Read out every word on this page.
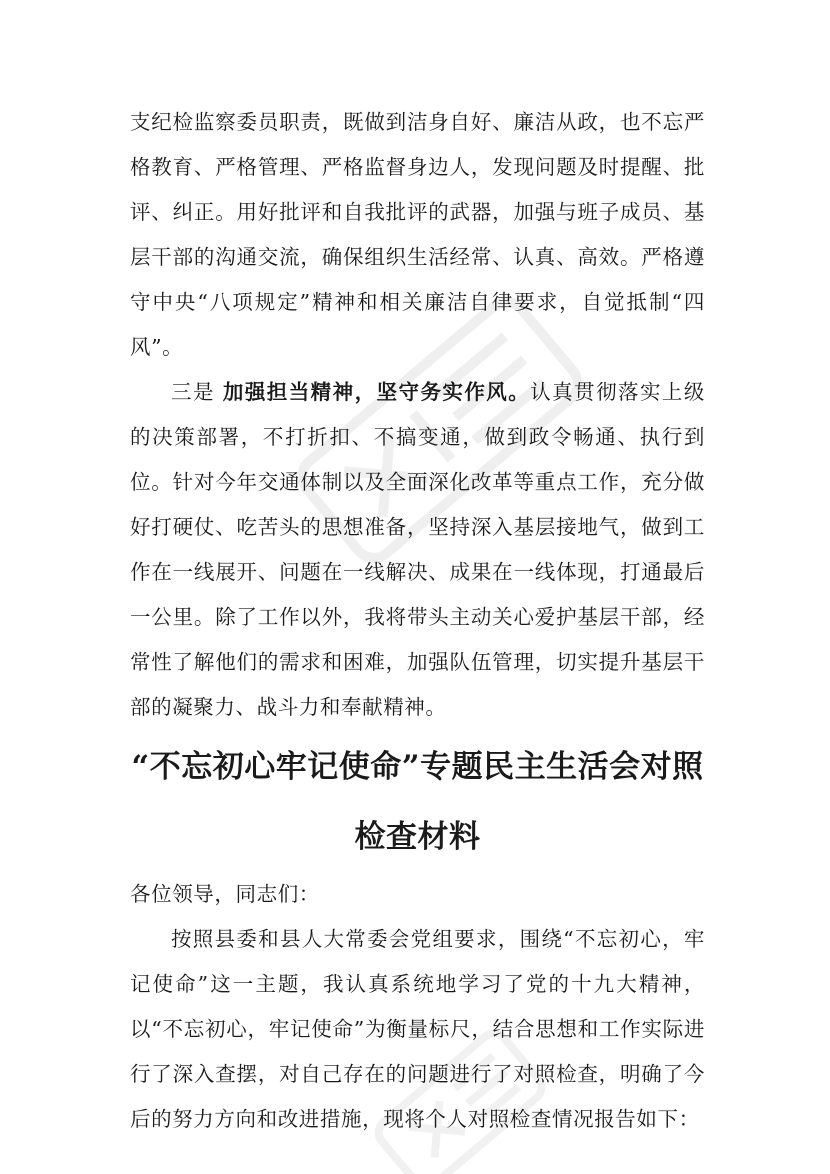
支纪检监察委员职责，既做到洁身自好、廉洁从政，也不忘严格教育、严格管理、严格监督身边人，发现问题及时提醒、批评、纠正。用好批评和自我批评的武器，加强与班子成员、基层干部的沟通交流，确保组织生活经常、认真、高效。严格遵守中央“八项规定”精神和相关廉洁自律要求，自觉抵制“四风”。

三是 加强担当精神，坚守务实作风。认真贯彻落实上级的决策部署，不打折扣、不搞变通，做到政令畅通、执行到位。针对今年交通体制以及全面深化改革等重点工作，充分做好打硬仗、吃苦头的思想准备，坚持深入基层接地气，做到工作在一线展开、问题在一线解决、成果在一线体现，打通最后一公里。除了工作以外，我将带头主动关心爱护基层干部，经常性了解他们的需求和困难，加强队伍管理，切实提升基层干部的凝聚力、战斗力和奉献精神。

“不忘初心牢记使命”专题民主生活会对照
检查材料

各位领导，同志们：

按照县委和县人大常委会党组要求，围绕“不忘初心，牢记使命”这一主题，我认真系统地学习了党的十九大精神，以“不忘初心，牢记使命”为衡量标尺，结合思想和工作实际进行了深入查摆，对自己存在的问题进行了对照检查，明确了今后的努力方向和改进措施，现将个人对照检查情况报告如下：
